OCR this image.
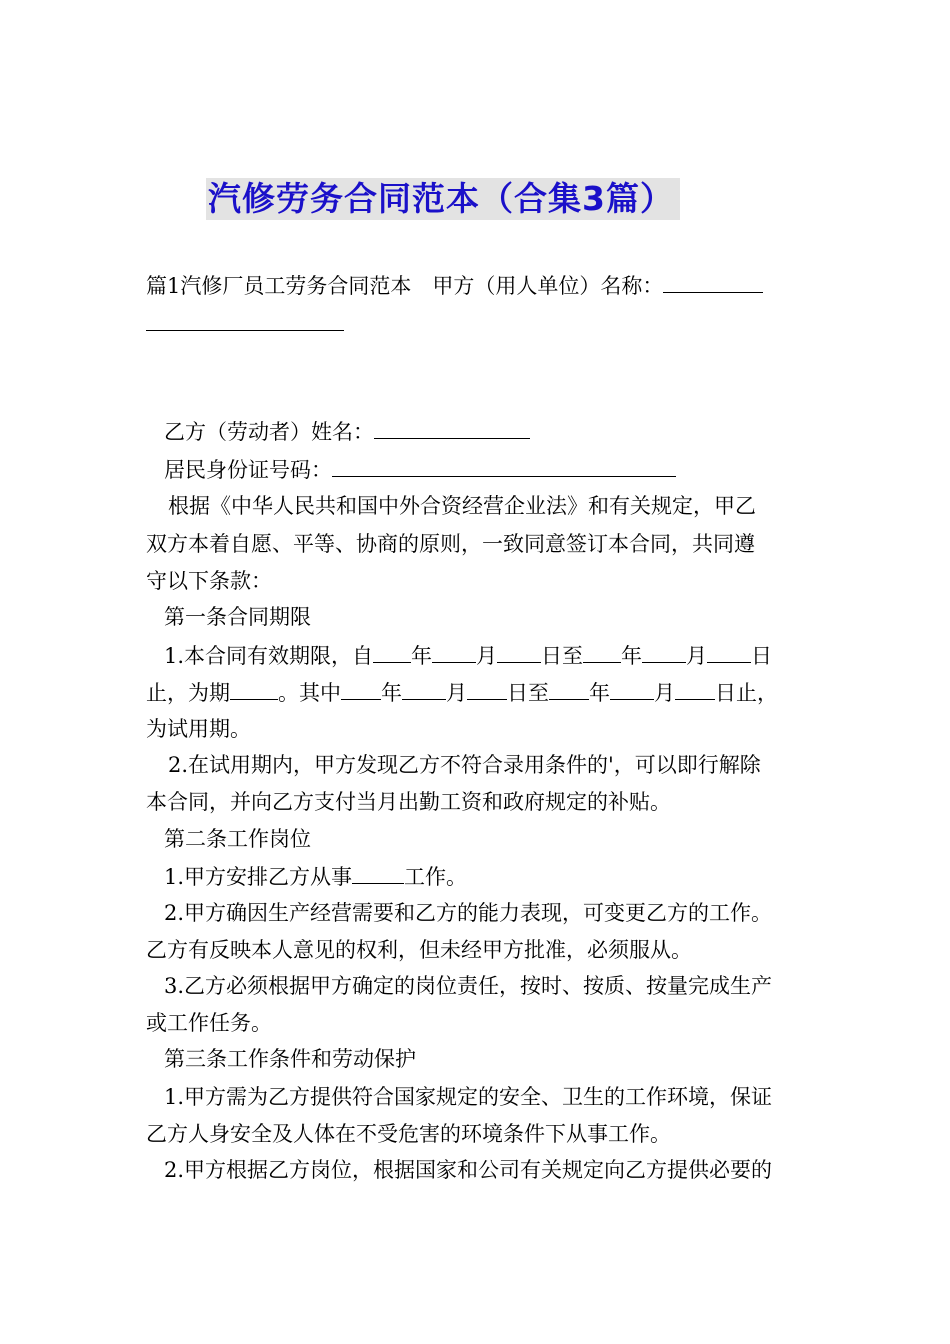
汽修劳务合同范本（合集3篇）
篇1汽修厂员工劳务合同范本　甲方（用人单位）名称：
乙方（劳动者）姓名：
居民身份证号码：
根据《中华人民共和国中外合资经营企业法》和有关规定，甲乙
双方本着自愿、平等、协商的原则，一致同意签订本合同，共同遵
守以下条款：
第一条合同期限
1.本合同有效期限，自 年 月 日至 年 月 日
止，为期 。其中 年 月 日至 年 月 日止，
为试用期。
2.在试用期内，甲方发现乙方不符合录用条件的'，可以即行解除
本合同，并向乙方支付当月出勤工资和政府规定的补贴。
第二条工作岗位
1.甲方安排乙方从事 工作。
2.甲方确因生产经营需要和乙方的能力表现，可变更乙方的工作。
乙方有反映本人意见的权利，但未经甲方批准，必须服从。
3.乙方必须根据甲方确定的岗位责任，按时、按质、按量完成生产
或工作任务。
第三条工作条件和劳动保护
1.甲方需为乙方提供符合国家规定的安全、卫生的工作环境，保证
乙方人身安全及人体在不受危害的环境条件下从事工作。
2.甲方根据乙方岗位，根据国家和公司有关规定向乙方提供必要的
